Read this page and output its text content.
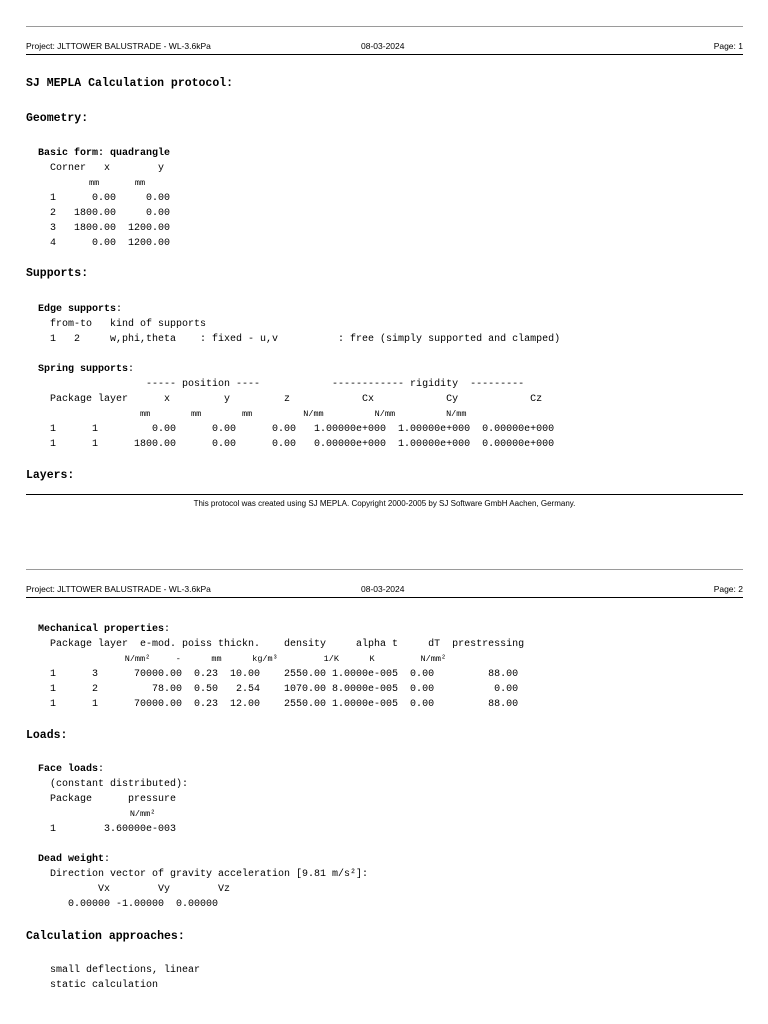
Project: JLTTOWER BALUSTRADE - WL-3.6kPa	08-03-2024	Page: 1
SJ MEPLA Calculation protocol:
Geometry:
Basic form: quadrangle
Corner   x        y
mm       mm
1      0.00     0.00
2   1800.00     0.00
3   1800.00  1200.00
4      0.00  1200.00
Supports:
Edge supports:
from-to   kind of supports
1   2     w,phi,theta    : fixed - u,v          : free (simply supported and clamped)
Spring supports:
----- position ----            ------------ rigidity  ---------
Package layer      x         y         z            Cx            Cy            Cz
mm        mm        mm          N/mm          N/mm          N/mm
1      1         0.00      0.00      0.00   1.00000e+000  1.00000e+000  0.00000e+000
1      1      1800.00      0.00      0.00   0.00000e+000  1.00000e+000  0.00000e+000
Layers:
This protocol was created using SJ MEPLA. Copyright 2000-2005 by SJ Software GmbH Aachen, Germany.
Project: JLTTOWER BALUSTRADE - WL-3.6kPa	08-03-2024	Page: 2
Mechanical properties:
Package layer  e-mod. poiss thickn.    density     alpha t     dT  prestressing
N/mm²     -      mm      kg/m³         1/K      K         N/mm²
1      3      70000.00  0.23  10.00    2550.00 1.0000e-005  0.00         88.00
1      2         78.00  0.50   2.54    1070.00 8.0000e-005  0.00          0.00
1      1      70000.00  0.23  12.00    2550.00 1.0000e-005  0.00         88.00
Loads:
Face loads:
(constant distributed):
Package      pressure
N/mm²
1        3.60000e-003
Dead weight:
Direction vector of gravity acceleration [9.81 m/s²]:
Vx        Vy        Vz
0.00000 -1.00000  0.00000
Calculation approaches:
small deflections, linear
static calculation
